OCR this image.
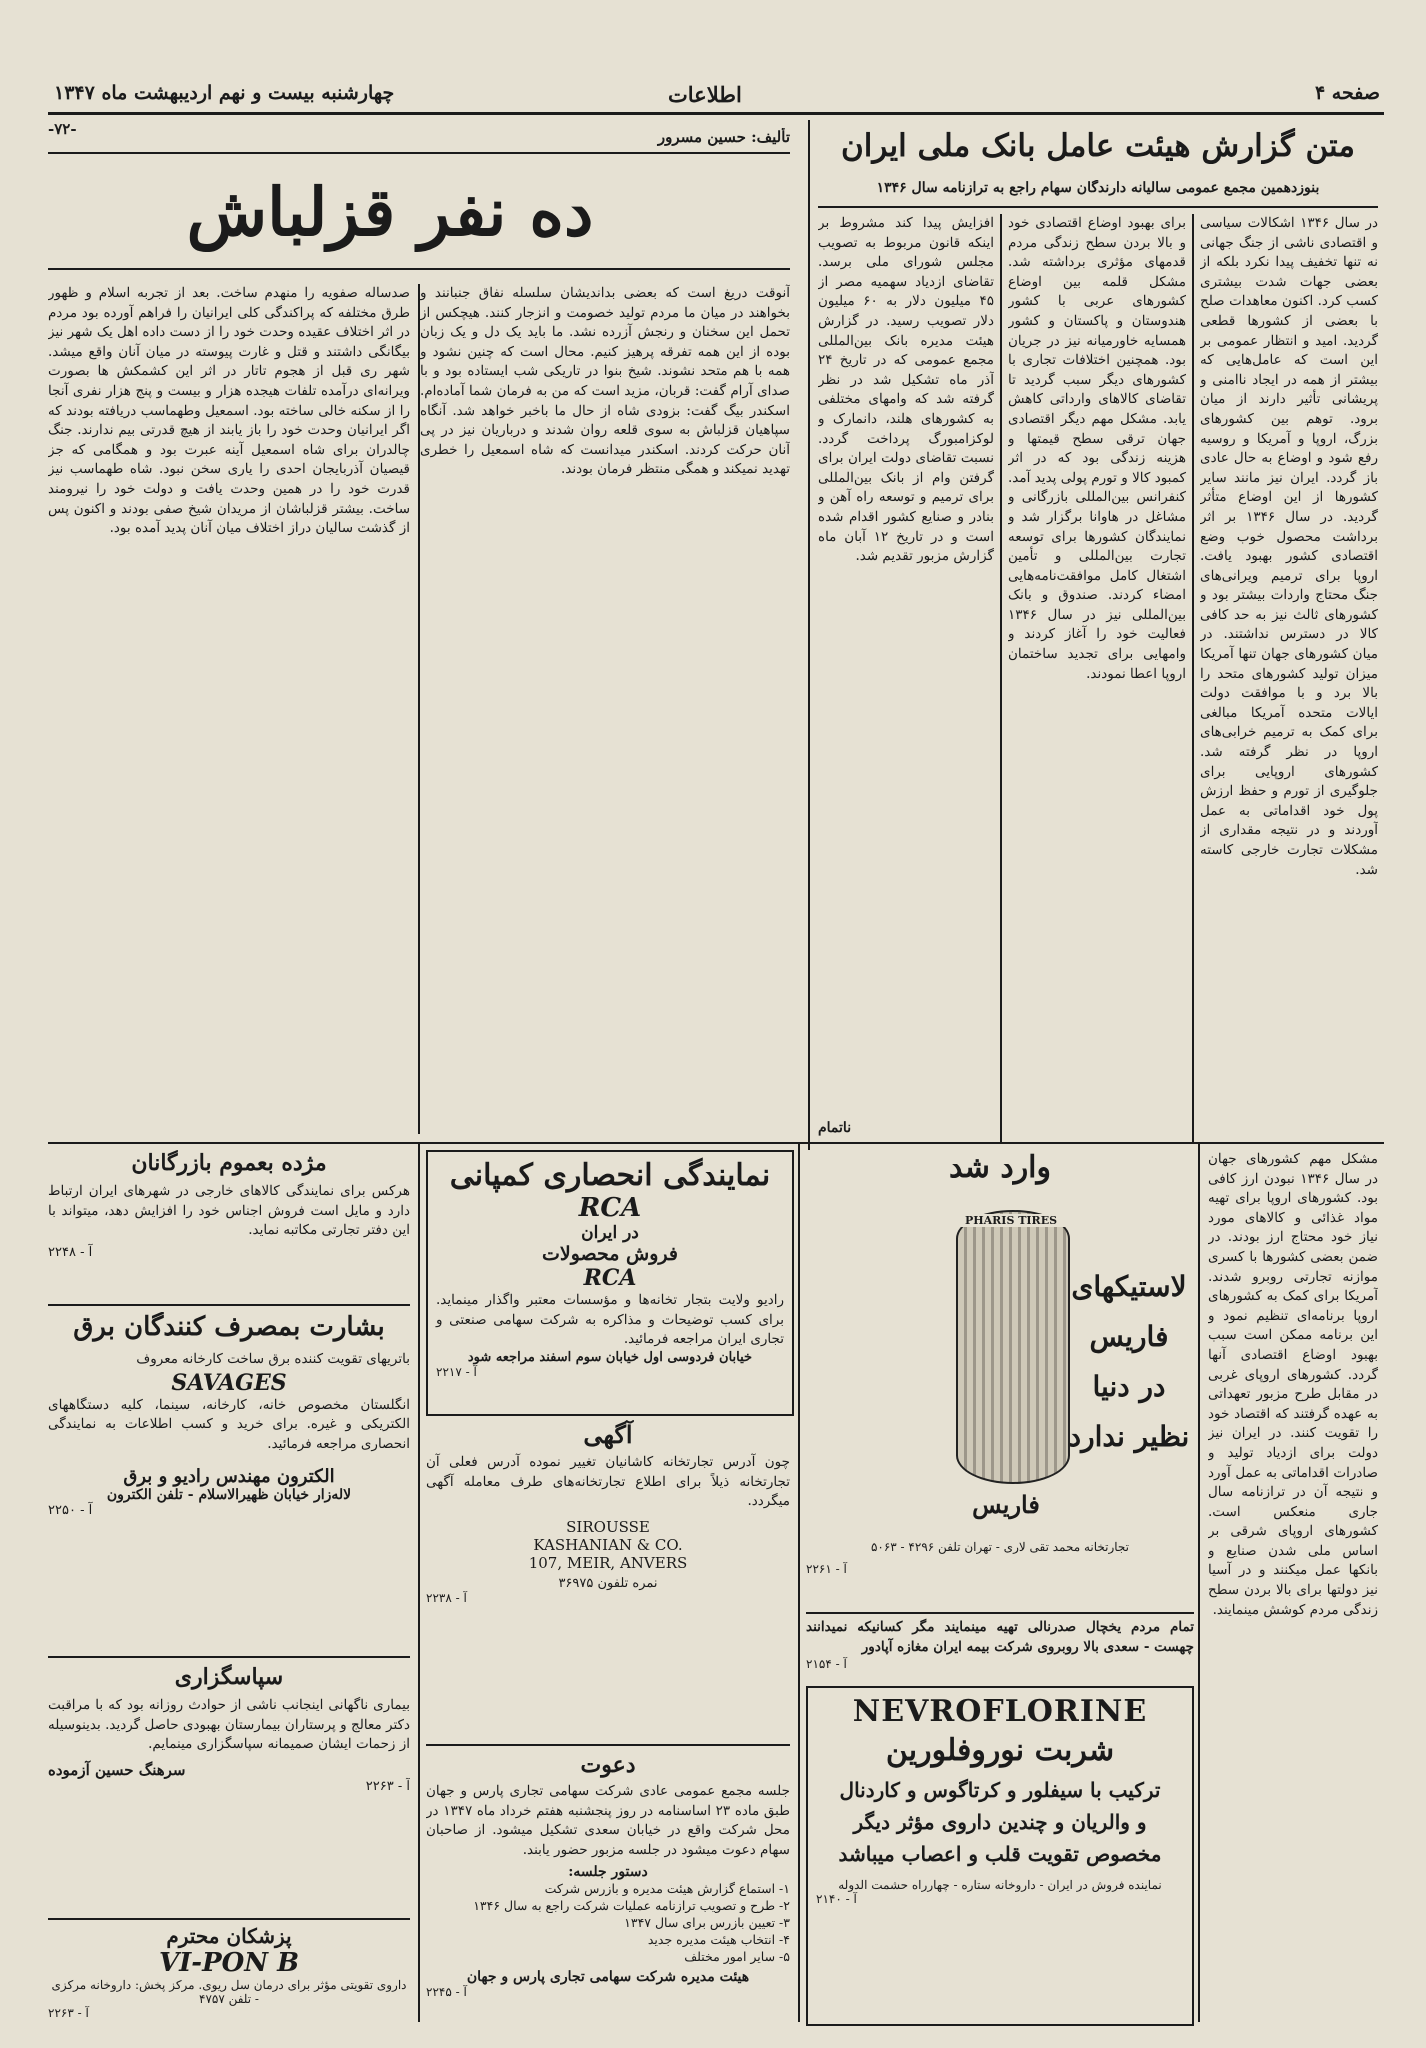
صفحه ۴
اطلاعات
چهارشنبه بیست و نهم اردیبهشت ماه ۱۳۴۷
متن گزارش هیئت عامل بانک ملی ایران
بنوزدهمین مجمع عمومی سالیانه دارندگان سهام راجع به ترازنامه سال ۱۳۴۶

در سال ۱۳۴۶ اشکالات سیاسی و اقتصادی ناشی از جنگ جهانی نه تنها تخفیف پیدا نکرد بلکه از بعضی جهات شدت بیشتری کسب کرد. اکنون معاهدات صلح با بعضی از کشورها قطعی گردید. امید و انتظار عمومی بر این است که عامل‌هایی که بیشتر از همه در ایجاد ناامنی و پریشانی تأثیر دارند از میان برود. توهم بین کشورهای بزرگ، اروپا و آمریکا و روسیه رفع شود و اوضاع به حال عادی باز گردد. ایران نیز مانند سایر کشورها از این اوضاع متأثر گردید. در سال ۱۳۴۶ بر اثر برداشت محصول خوب وضع اقتصادی کشور بهبود یافت. اروپا برای ترمیم ویرانی‌های جنگ محتاج واردات بیشتر بود و کشورهای ثالث نیز به حد کافی کالا در دسترس نداشتند. در میان کشورهای جهان تنها آمریکا میزان تولید کشورهای متحد را بالا برد و با موافقت دولت ایالات متحده آمریکا مبالغی برای کمک به ترمیم خرابی‌های اروپا در نظر گرفته شد. کشورهای اروپایی برای جلوگیری از تورم و حفظ ارزش پول خود اقداماتی به عمل آوردند و در نتیجه مقداری از مشکلات تجارت خارجی کاسته شد.

برای بهبود اوضاع اقتصادی خود و بالا بردن سطح زندگی مردم قدمهای مؤثری برداشته شد. مشکل قلمه بین اوضاع کشورهای عربی با کشور هندوستان و پاکستان و کشور همسایه خاورمیانه نیز در جریان بود. همچنین اختلافات تجاری با کشورهای دیگر سبب گردید تا تقاضای کالاهای وارداتی کاهش یابد. مشکل مهم دیگر اقتصادی جهان ترقی سطح قیمتها و هزینه زندگی بود که در اثر کمبود کالا و تورم پولی پدید آمد. کنفرانس بین‌المللی بازرگانی و مشاغل در هاوانا برگزار شد و نمایندگان کشورها برای توسعه تجارت بین‌المللی و تأمین اشتغال کامل موافقت‌نامه‌هایی امضاء کردند. صندوق و بانک بین‌المللی نیز در سال ۱۳۴۶ فعالیت خود را آغاز کردند و وامهایی برای تجدید ساختمان اروپا اعطا نمودند.

افزایش پیدا کند مشروط بر اینکه قانون مربوط به تصویب مجلس شورای ملی برسد. تقاضای ازدیاد سهمیه مصر از ۴۵ میلیون دلار به ۶۰ میلیون دلار تصویب رسید. در گزارش هیئت مدیره بانک بین‌المللی مجمع عمومی که در تاریخ ۲۴ آذر ماه تشکیل شد در نظر گرفته شد که وامهای مختلفی به کشورهای هلند، دانمارک و لوکزامبورگ پرداخت گردد. نسبت تقاضای دولت ایران برای گرفتن وام از بانک بین‌المللی برای ترمیم و توسعه راه آهن و بنادر و صنایع کشور اقدام شده است و در تاریخ ۱۲ آبان ماه گزارش مزبور تقدیم شد.

ناتمام
-۷۲-	تألیف: حسین مسرور
ده نفر قزلباش

آنوقت دریغ است که بعضی بداندیشان سلسله نفاق جنبانند و بخواهند در میان ما مردم تولید خصومت و انزجار کنند. هیچکس از تحمل این سخنان و رنجش آزرده نشد. ما باید یک دل و یک زبان بوده از این همه تفرقه پرهیز کنیم. محال است که چنین نشود و همه با هم متحد نشوند. شیخ بنوا در تاریکی شب ایستاده بود و با صدای آرام گفت: قربان، مزید است که من به فرمان شما آماده‌ام. اسکندر بیگ گفت: بزودی شاه از حال ما باخبر خواهد شد. آنگاه سپاهیان قزلباش به سوی قلعه روان شدند و درباریان نیز در پی آنان حرکت کردند. اسکندر میدانست که شاه اسمعیل را خطری تهدید نمیکند و همگی منتظر فرمان بودند.

صدساله صفویه را منهدم ساخت. بعد از تجربه اسلام و ظهور طرق مختلفه که پراکندگی کلی ایرانیان را فراهم آورده بود مردم در اثر اختلاف عقیده وحدت خود را از دست داده اهل یک شهر نیز بیگانگی داشتند و قتل و غارت پیوسته در میان آنان واقع میشد. شهر ری قبل از هجوم تاتار در اثر این کشمکش ها بصورت ویرانه‌ای درآمده تلفات هیجده هزار و بیست و پنج هزار نفری آنجا را از سکنه خالی ساخته بود. اسمعیل وطهماسب دریافته بودند که اگر ایرانیان وحدت خود را باز یابند از هیچ قدرتی بیم ندارند. جنگ چالدران برای شاه اسمعیل آینه عبرت بود و همگامی که جز قیصیان آذربایجان احدی را یاری سخن نبود. شاه طهماسب نیز قدرت خود را در همین وحدت یافت و دولت خود را نیرومند ساخت. بیشتر قزلباشان از مریدان شیخ صفی بودند و اکنون پس از گذشت سالیان دراز اختلاف میان آنان پدید آمده بود.

مژده بعموم بازرگانان
هرکس برای نمایندگی کالاهای خارجی در شهرهای ایران ارتباط دارد و مایل است فروش اجناس خود را افزایش دهد، میتواند با این دفتر تجارتی مکاتبه نماید.
آ - ۲۲۴۸
بشارت بمصرف کنندگان برق
باتریهای تقویت کننده برق ساخت کارخانه معروف
SAVAGES
انگلستان مخصوص خانه، کارخانه، سینما، کلیه دستگاههای الکتریکی و غیره. برای خرید و کسب اطلاعات به نمایندگی انحصاری مراجعه فرمائید.
الکترون مهندس رادیو و برق
لاله‌زار خیابان ظهیرالاسلام - تلفن الکترون
آ - ۲۲۵۰
سپاسگزاری
بیماری ناگهانی اینجانب ناشی از حوادث روزانه بود که با مراقبت دکتر معالج و پرستاران بیمارستان بهبودی حاصل گردید. بدینوسیله از زحمات ایشان صمیمانه سپاسگزاری مینمایم.
سرهنگ حسین آزموده
آ - ۲۲۶۳
پزشکان محترم
VI-PON B
داروی تقویتی مؤثر برای درمان سل ریوی. مرکز پخش: داروخانه مرکزی - تلفن ۴۷۵۷
آ - ۲۲۶۳
نمایندگی انحصاری کمپانی
RCA
در ایران
فروش محصولات
RCA
رادیو ولایت بتجار تخانه‌ها و مؤسسات معتبر واگذار مینماید. برای کسب توضیحات و مذاکره به شرکت سهامی صنعتی و تجاری ایران مراجعه فرمائید.
خیابان فردوسی اول خیابان سوم اسفند مراجعه شود
آ - ۲۲۱۷
آگهی
چون آدرس تجارتخانه کاشانیان تغییر نموده آدرس فعلی آن تجارتخانه ذیلاً برای اطلاع تجارتخانه‌های طرف معامله آگهی میگردد.
SIROUSSE
KASHANIAN & CO.
107, MEIR, ANVERS
نمره تلفون ۳۶۹۷۵
آ - ۲۲۳۸
دعوت
جلسه مجمع عمومی عادی شرکت سهامی تجاری پارس و جهان طبق ماده ۲۳ اساسنامه در روز پنجشنبه هفتم خرداد ماه ۱۳۴۷ در محل شرکت واقع در خیابان سعدی تشکیل میشود. از صاحبان سهام دعوت میشود در جلسه مزبور حضور یابند.
دستور جلسه:
۱- استماع گزارش هیئت مدیره و بازرس شرکت
۲- طرح و تصویب ترازنامه عملیات شرکت راجع به سال ۱۳۴۶
۳- تعیین بازرس برای سال ۱۳۴۷
۴- انتخاب هیئت مدیره جدید
۵- سایر امور مختلف
هیئت مدیره شرکت سهامی تجاری پارس و جهان
آ - ۲۲۴۵
وارد شد
PHARIS TIRES
لاستیکهای
فاریس
در دنیا
نظیر ندارد
فاریس
تجارتخانه محمد تقی لاری - تهران تلفن ۴۲۹۶ - ۵۰۶۳
آ - ۲۲۶۱
تمام مردم یخچال صدرنالی تهیه مینمایند مگر کسانیکه نمیدانند چهست - سعدی بالا روبروی شرکت بیمه ایران مغازه آپادور
آ - ۲۱۵۴
NEVROFLORINE
شربت نوروفلورین
ترکیب با سیفلور و کرتاگوس و کاردنال
و والریان و چندین داروی مؤثر دیگر
مخصوص تقویت قلب و اعصاب میباشد
نماینده فروش در ایران - داروخانه ستاره - چهارراه حشمت الدوله
آ - ۲۱۴۰

مشکل مهم کشورهای جهان در سال ۱۳۴۶ نبودن ارز کافی بود. کشورهای اروپا برای تهیه مواد غذائی و کالاهای مورد نیاز خود محتاج ارز بودند. در ضمن بعضی کشورها با کسری موازنه تجارتی روبرو شدند. آمریکا برای کمک به کشورهای اروپا برنامه‌ای تنظیم نمود و این برنامه ممکن است سبب بهبود اوضاع اقتصادی آنها گردد. کشورهای اروپای غربی در مقابل طرح مزبور تعهداتی به عهده گرفتند که اقتصاد خود را تقویت کنند. در ایران نیز دولت برای ازدیاد تولید و صادرات اقداماتی به عمل آورد و نتیجه آن در ترازنامه سال جاری منعکس است. کشورهای اروپای شرقی بر اساس ملی شدن صنایع و بانکها عمل میکنند و در آسیا نیز دولتها برای بالا بردن سطح زندگی مردم کوشش مینمایند.
